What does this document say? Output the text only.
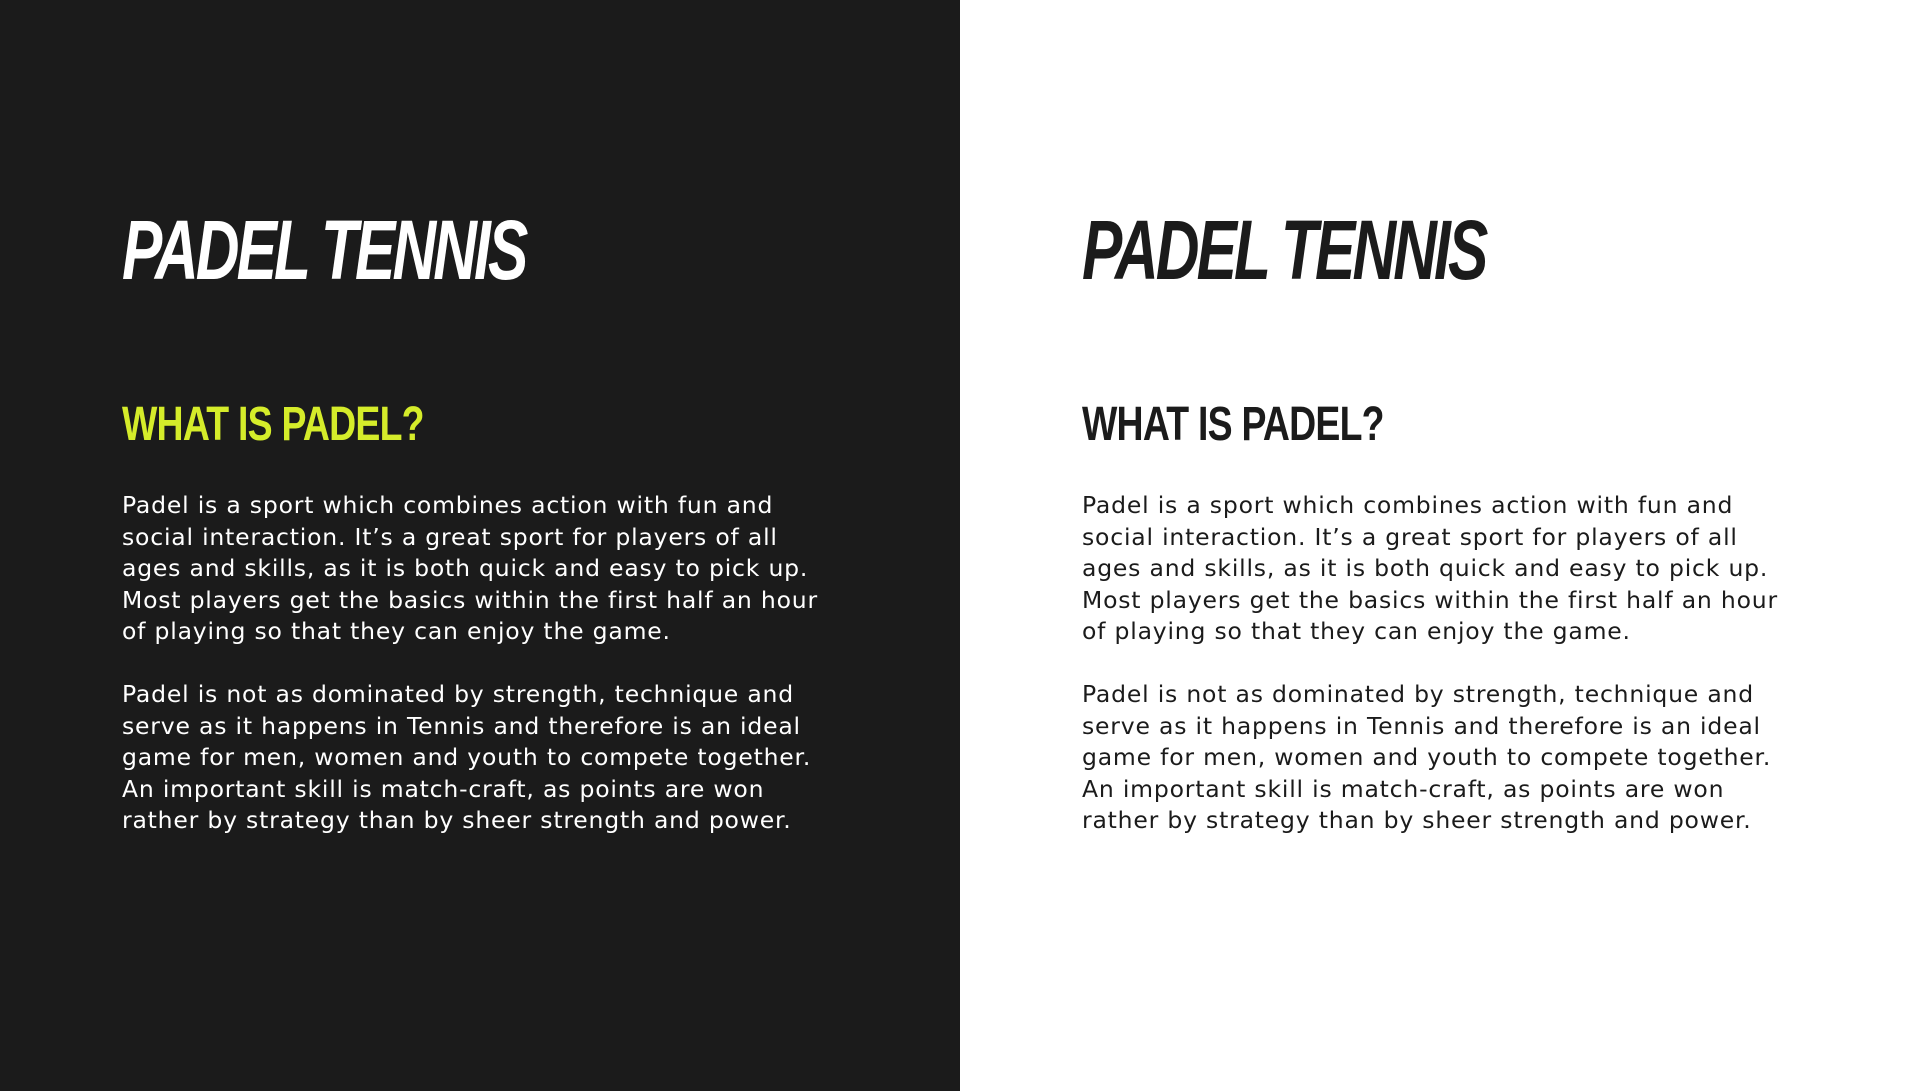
PADEL TENNIS
WHAT IS PADEL?

Padel is a sport which combines action with fun and
social interaction. It’s a great sport for players of all
ages and skills, as it is both quick and easy to pick up.
Most players get the basics within the first half an hour
of playing so that they can enjoy the game.

Padel is not as dominated by strength, technique and
serve as it happens in Tennis and therefore is an ideal
game for men, women and youth to compete together.
An important skill is match-craft, as points are won
rather by strategy than by sheer strength and power.

PADEL TENNIS
WHAT IS PADEL?

Padel is a sport which combines action with fun and
social interaction. It’s a great sport for players of all
ages and skills, as it is both quick and easy to pick up.
Most players get the basics within the first half an hour
of playing so that they can enjoy the game.

Padel is not as dominated by strength, technique and
serve as it happens in Tennis and therefore is an ideal
game for men, women and youth to compete together.
An important skill is match-craft, as points are won
rather by strategy than by sheer strength and power.
